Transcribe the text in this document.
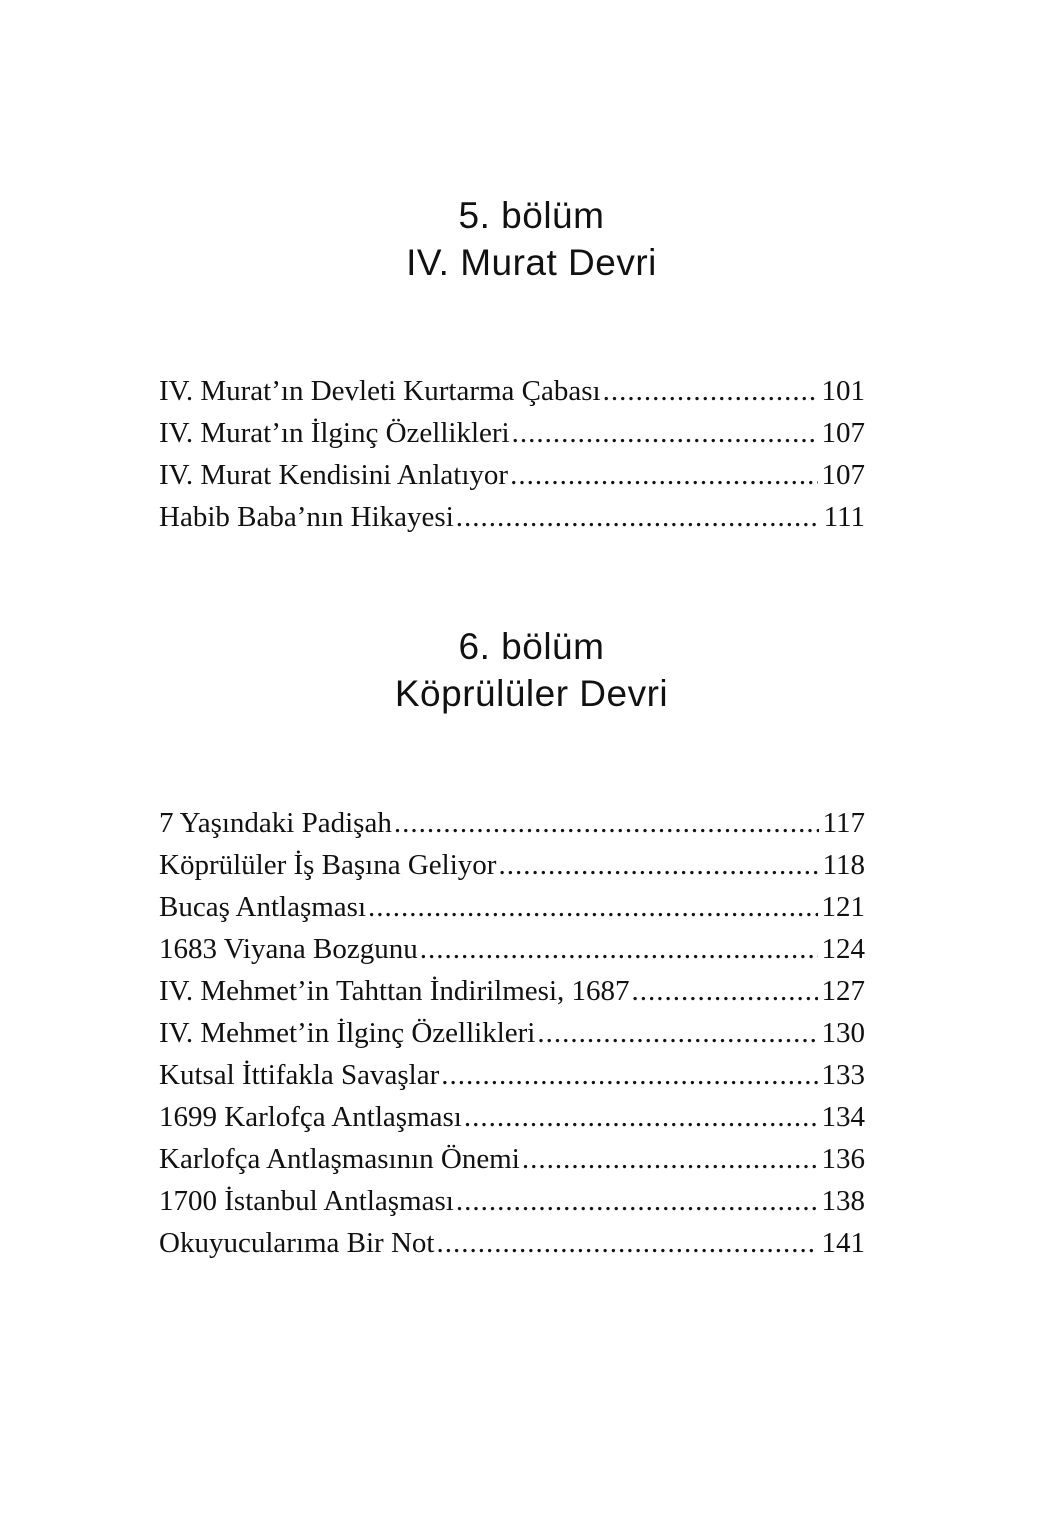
5. bölüm
IV. Murat Devri
IV. Murat’ın Devleti Kurtarma Çabası .....	101
IV. Murat’ın İlginç Özellikleri .....	107
IV. Murat Kendisini Anlatıyor .....	107
Habib Baba’nın Hikayesi .....	111
6. bölüm
Köprülüler Devri
7 Yaşındaki Padişah .....	117
Köprülüler İş Başına Geliyor .....	118
Bucaş Antlaşması .....	121
1683 Viyana Bozgunu .....	124
IV. Mehmet’in Tahttan İndirilmesi, 1687 .....	127
IV. Mehmet’in İlginç Özellikleri .....	130
Kutsal İttifakla Savaşlar .....	133
1699 Karlofça Antlaşması .....	134
Karlofça Antlaşmasının Önemi .....	136
1700 İstanbul Antlaşması .....	138
Okuyucularıma Bir Not .....	141
